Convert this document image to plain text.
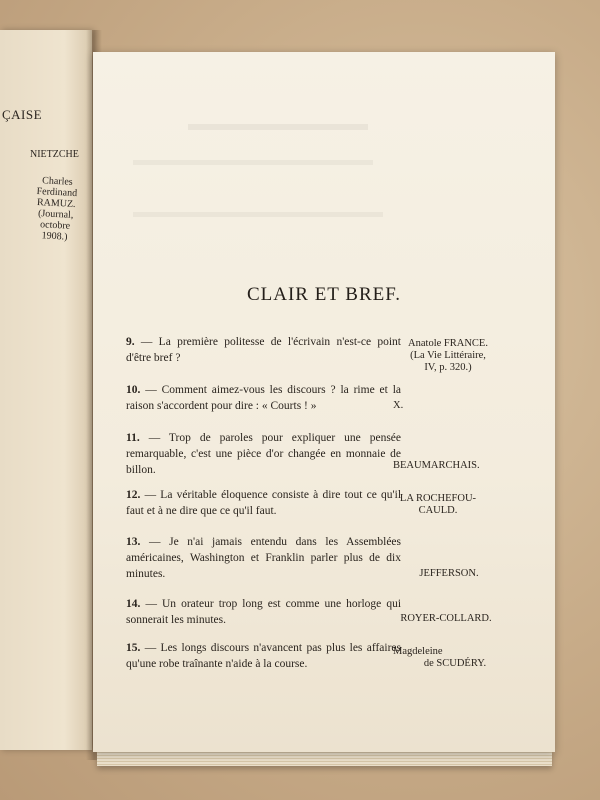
ÇAISE
NIETZCHE
Charles Ferdinand
RAMUZ.
(Journal, octobre
1908.)
CLAIR ET BREF.
9. — La première politesse de l'écrivain n'est-ce point d'être bref ?
Anatole FRANCE.
(La Vie Littéraire,
IV, p. 320.)
10. — Comment aimez-vous les discours ? la rime et la raison s'accordent pour dire : « Courts ! »	X.
11. — Trop de paroles pour expliquer une pensée remarquable, c'est une pièce d'or changée en monnaie de billon.	BEAUMARCHAIS.
12. — La véritable éloquence consiste à dire tout ce qu'il faut et à ne dire que ce qu'il faut.
LA ROCHEFOU-
CAULD.
13. — Je n'ai jamais entendu dans les Assemblées américaines, Washington et Franklin parler plus de dix minutes.	JEFFERSON.
14. — Un orateur trop long est comme une horloge qui sonnerait les minutes.	ROYER-COLLARD.
15. — Les longs discours n'avancent pas plus les affaires qu'une robe traînante n'aide à la course.
Magdeleine
de SCUDÉRY.
